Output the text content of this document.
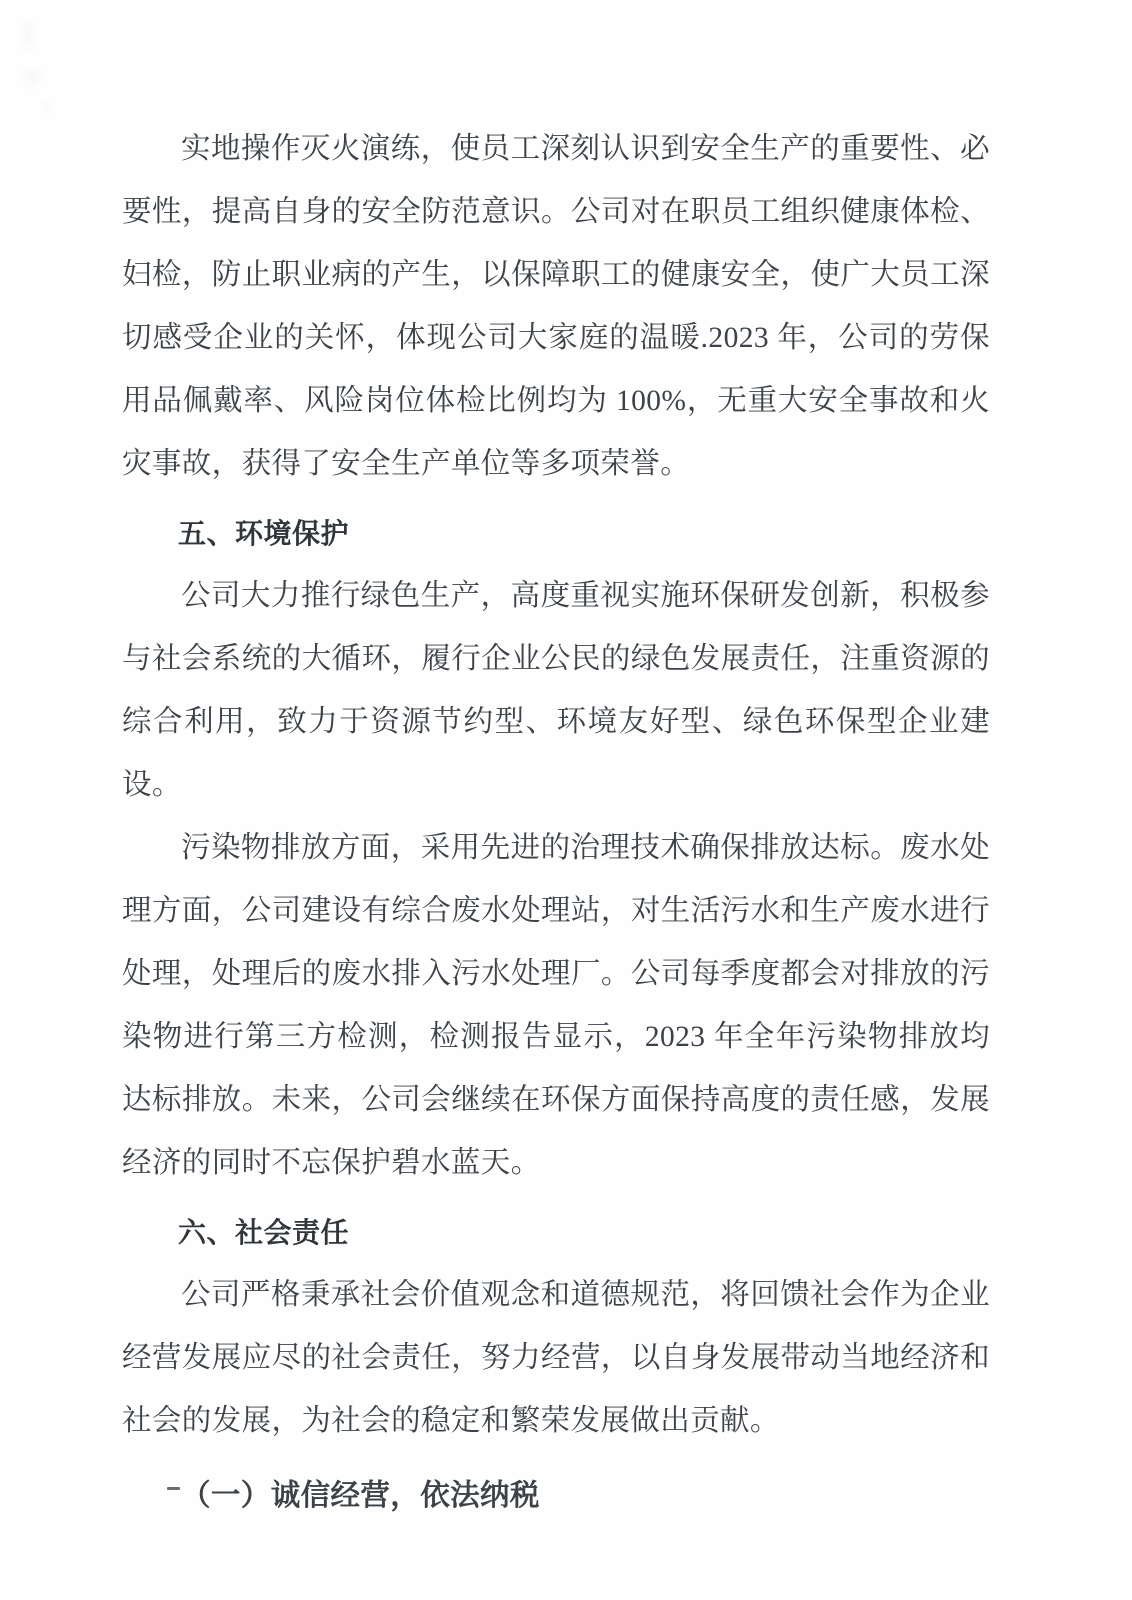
实地操作灭火演练，使员工深刻认识到安全生产的重要性、必要性，提高自身的安全防范意识。公司对在职员工组织健康体检、妇检，防止职业病的产生，以保障职工的健康安全，使广大员工深切感受企业的关怀，体现公司大家庭的温暖.2023 年，公司的劳保用品佩戴率、风险岗位体检比例均为 100%，无重大安全事故和火灾事故，获得了安全生产单位等多项荣誉。

五、环境保护

公司大力推行绿色生产，高度重视实施环保研发创新，积极参与社会系统的大循环，履行企业公民的绿色发展责任，注重资源的综合利用，致力于资源节约型、环境友好型、绿色环保型企业建设。

污染物排放方面，采用先进的治理技术确保排放达标。废水处理方面，公司建设有综合废水处理站，对生活污水和生产废水进行处理，处理后的废水排入污水处理厂。公司每季度都会对排放的污染物进行第三方检测，检测报告显示，2023 年全年污染物排放均达标排放。未来，公司会继续在环保方面保持高度的责任感，发展经济的同时不忘保护碧水蓝天。

六、社会责任

公司严格秉承社会价值观念和道德规范，将回馈社会作为企业经营发展应尽的社会责任，努力经营，以自身发展带动当地经济和社会的发展，为社会的稳定和繁荣发展做出贡献。

（一）诚信经营，依法纳税
